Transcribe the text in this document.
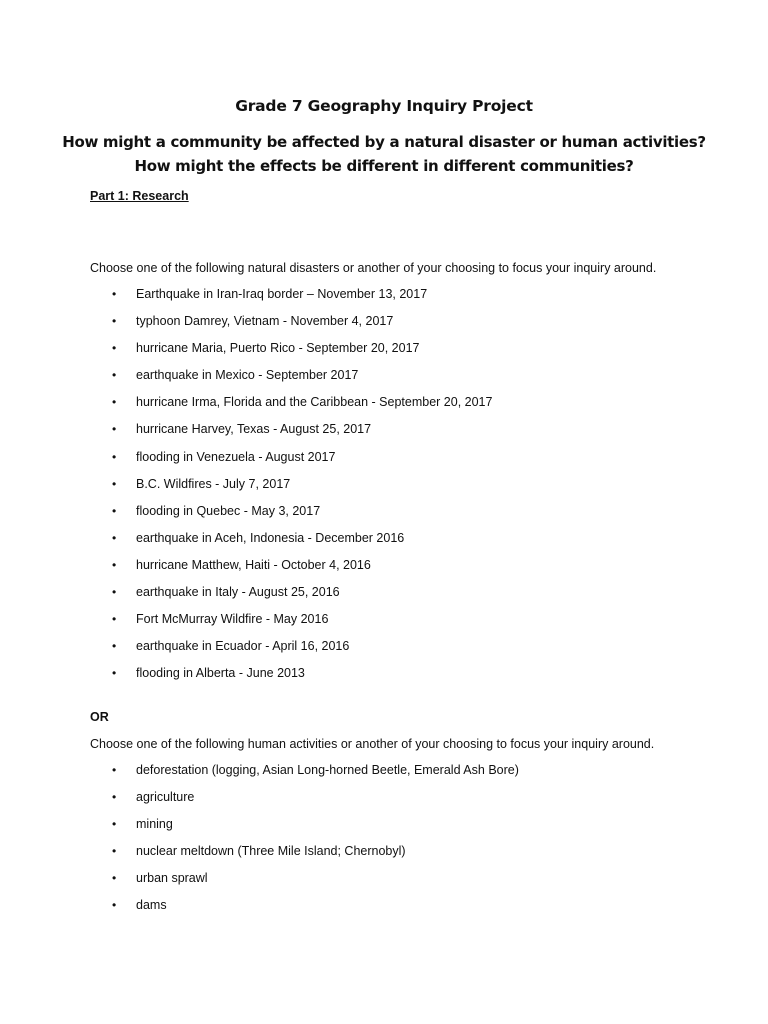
Grade 7 Geography Inquiry Project
How might a community be affected by a natural disaster or human activities?
How might the effects be different in different communities?
Part 1: Research
Choose one of the following natural disasters or another of your choosing to focus your inquiry around.
• Earthquake in Iran-Iraq border – November 13, 2017
• typhoon Damrey, Vietnam - November 4, 2017
• hurricane Maria, Puerto Rico - September 20, 2017
• earthquake in Mexico - September 2017
• hurricane Irma, Florida and the Caribbean - September 20, 2017
• hurricane Harvey, Texas - August 25, 2017
• flooding in Venezuela - August 2017
• B.C. Wildfires - July 7, 2017
• flooding in Quebec - May 3, 2017
• earthquake in Aceh, Indonesia - December 2016
• hurricane Matthew, Haiti - October 4, 2016
• earthquake in Italy - August 25, 2016
• Fort McMurray Wildfire - May 2016
• earthquake in Ecuador - April 16, 2016
• flooding in Alberta - June 2013
OR
Choose one of the following human activities or another of your choosing to focus your inquiry around.
• deforestation (logging, Asian Long-horned Beetle, Emerald Ash Bore)
• agriculture
• mining
• nuclear meltdown (Three Mile Island; Chernobyl)
• urban sprawl
• dams
